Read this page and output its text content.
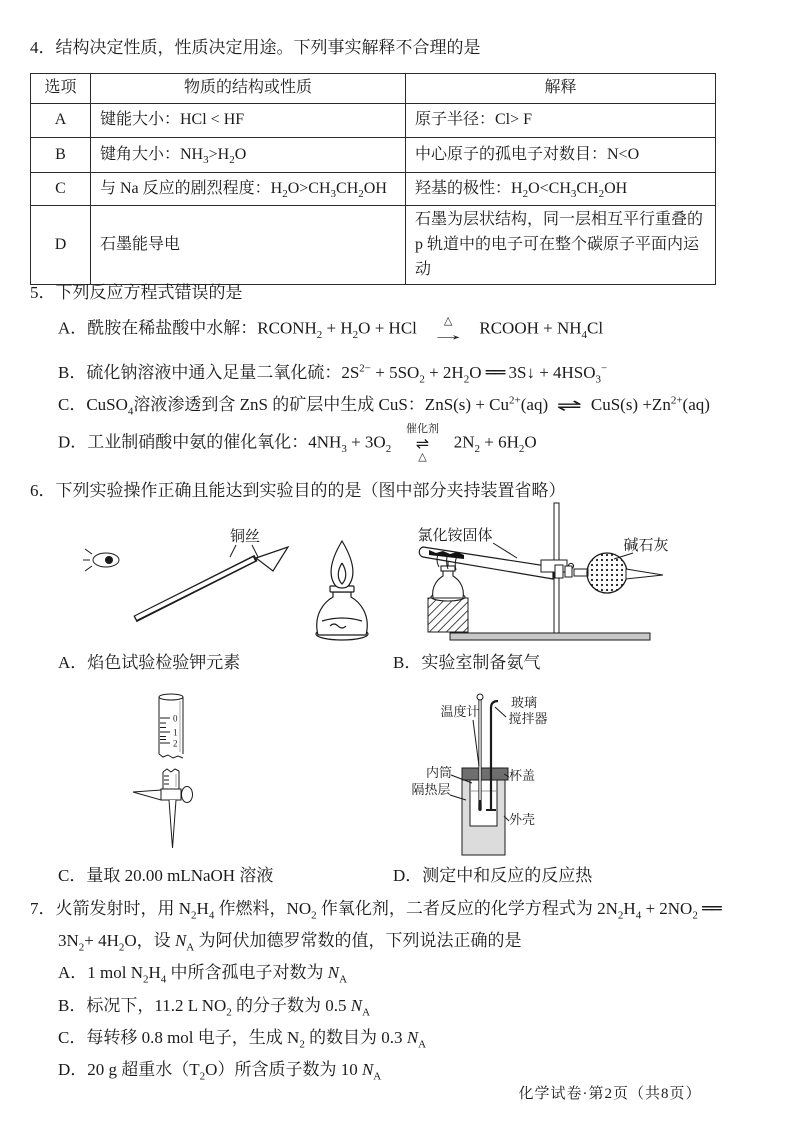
4．结构决定性质，性质决定用途。下列事实解释不合理的是
选项	物质的结构或性质	解释
A	键能大小：HCl < HF	原子半径：Cl> F
B	键角大小：$NH_3>H_2O$	中心原子的孤电子对数目：N<O
C	与 Na 反应的剧烈程度：$H_2O>CH_3CH_2OH$	羟基的极性：$H_2O<CH_3CH_2OH$
D	石墨能导电	石墨为层状结构，同一层相互平行重叠的 p 轨道中的电子可在整个碳原子平面内运动
5．下列反应方程式错误的是
A．酰胺在稀盐酸中水解：$RCONH_2 + H_2O$ + HCl △
→ RCOOH + $NH_4Cl$
B．硫化钠溶液中通入足量二氧化硫：$2S^{2-} + 5SO_2 + 2H_2O$ ══ 3S↓ + $4HSO_3^-$
C．CuSO$_4$溶液渗透到含 ZnS 的矿层中生成 CuS：$ZnS(s) + Cu^{2+}(aq)$ ⇌ $CuS(s) +Zn^{2+}(aq)$
D．工业制硝酸中氨的催化氧化：$4NH_3 + 3O_2$
催化剂
⇌
△
$2N_2 + 6H_2O$
6．下列实验操作正确且能达到实验目的的是（图中部分夹持装置省略）
铜丝	氯化铵固体
碱石灰
A．焰色试验检验钾元素	B．实验室制备氨气
0
1
2
温度计
玻璃
搅拌器
内筒	杯盖
隔热层
外壳
C．量取 20.00 mLNaOH 溶液	D．测定中和反应的反应热
7．火箭发射时，用 $N_2H_4$ 作燃料，$NO_2$ 作氧化剂，二者反应的化学方程式为 $2N_2H_4 + 2NO_2$ ══
$3N_2+ 4H_2O$，设 $N_A$ 为阿伏加德罗常数的值，下列说法正确的是
A．1 mol $N_2H_4$ 中所含孤电子对数为 $N_A$
B．标况下，11.2 L $NO_2$ 的分子数为 0.5 $N_A$
C．每转移 0.8 mol 电子，生成 $N_2$ 的数目为 0.3 $N_A$
D．20 g 超重水$(T_2O)$所含质子数为 10 $N_A$
化学试卷·第2页（共8页）
